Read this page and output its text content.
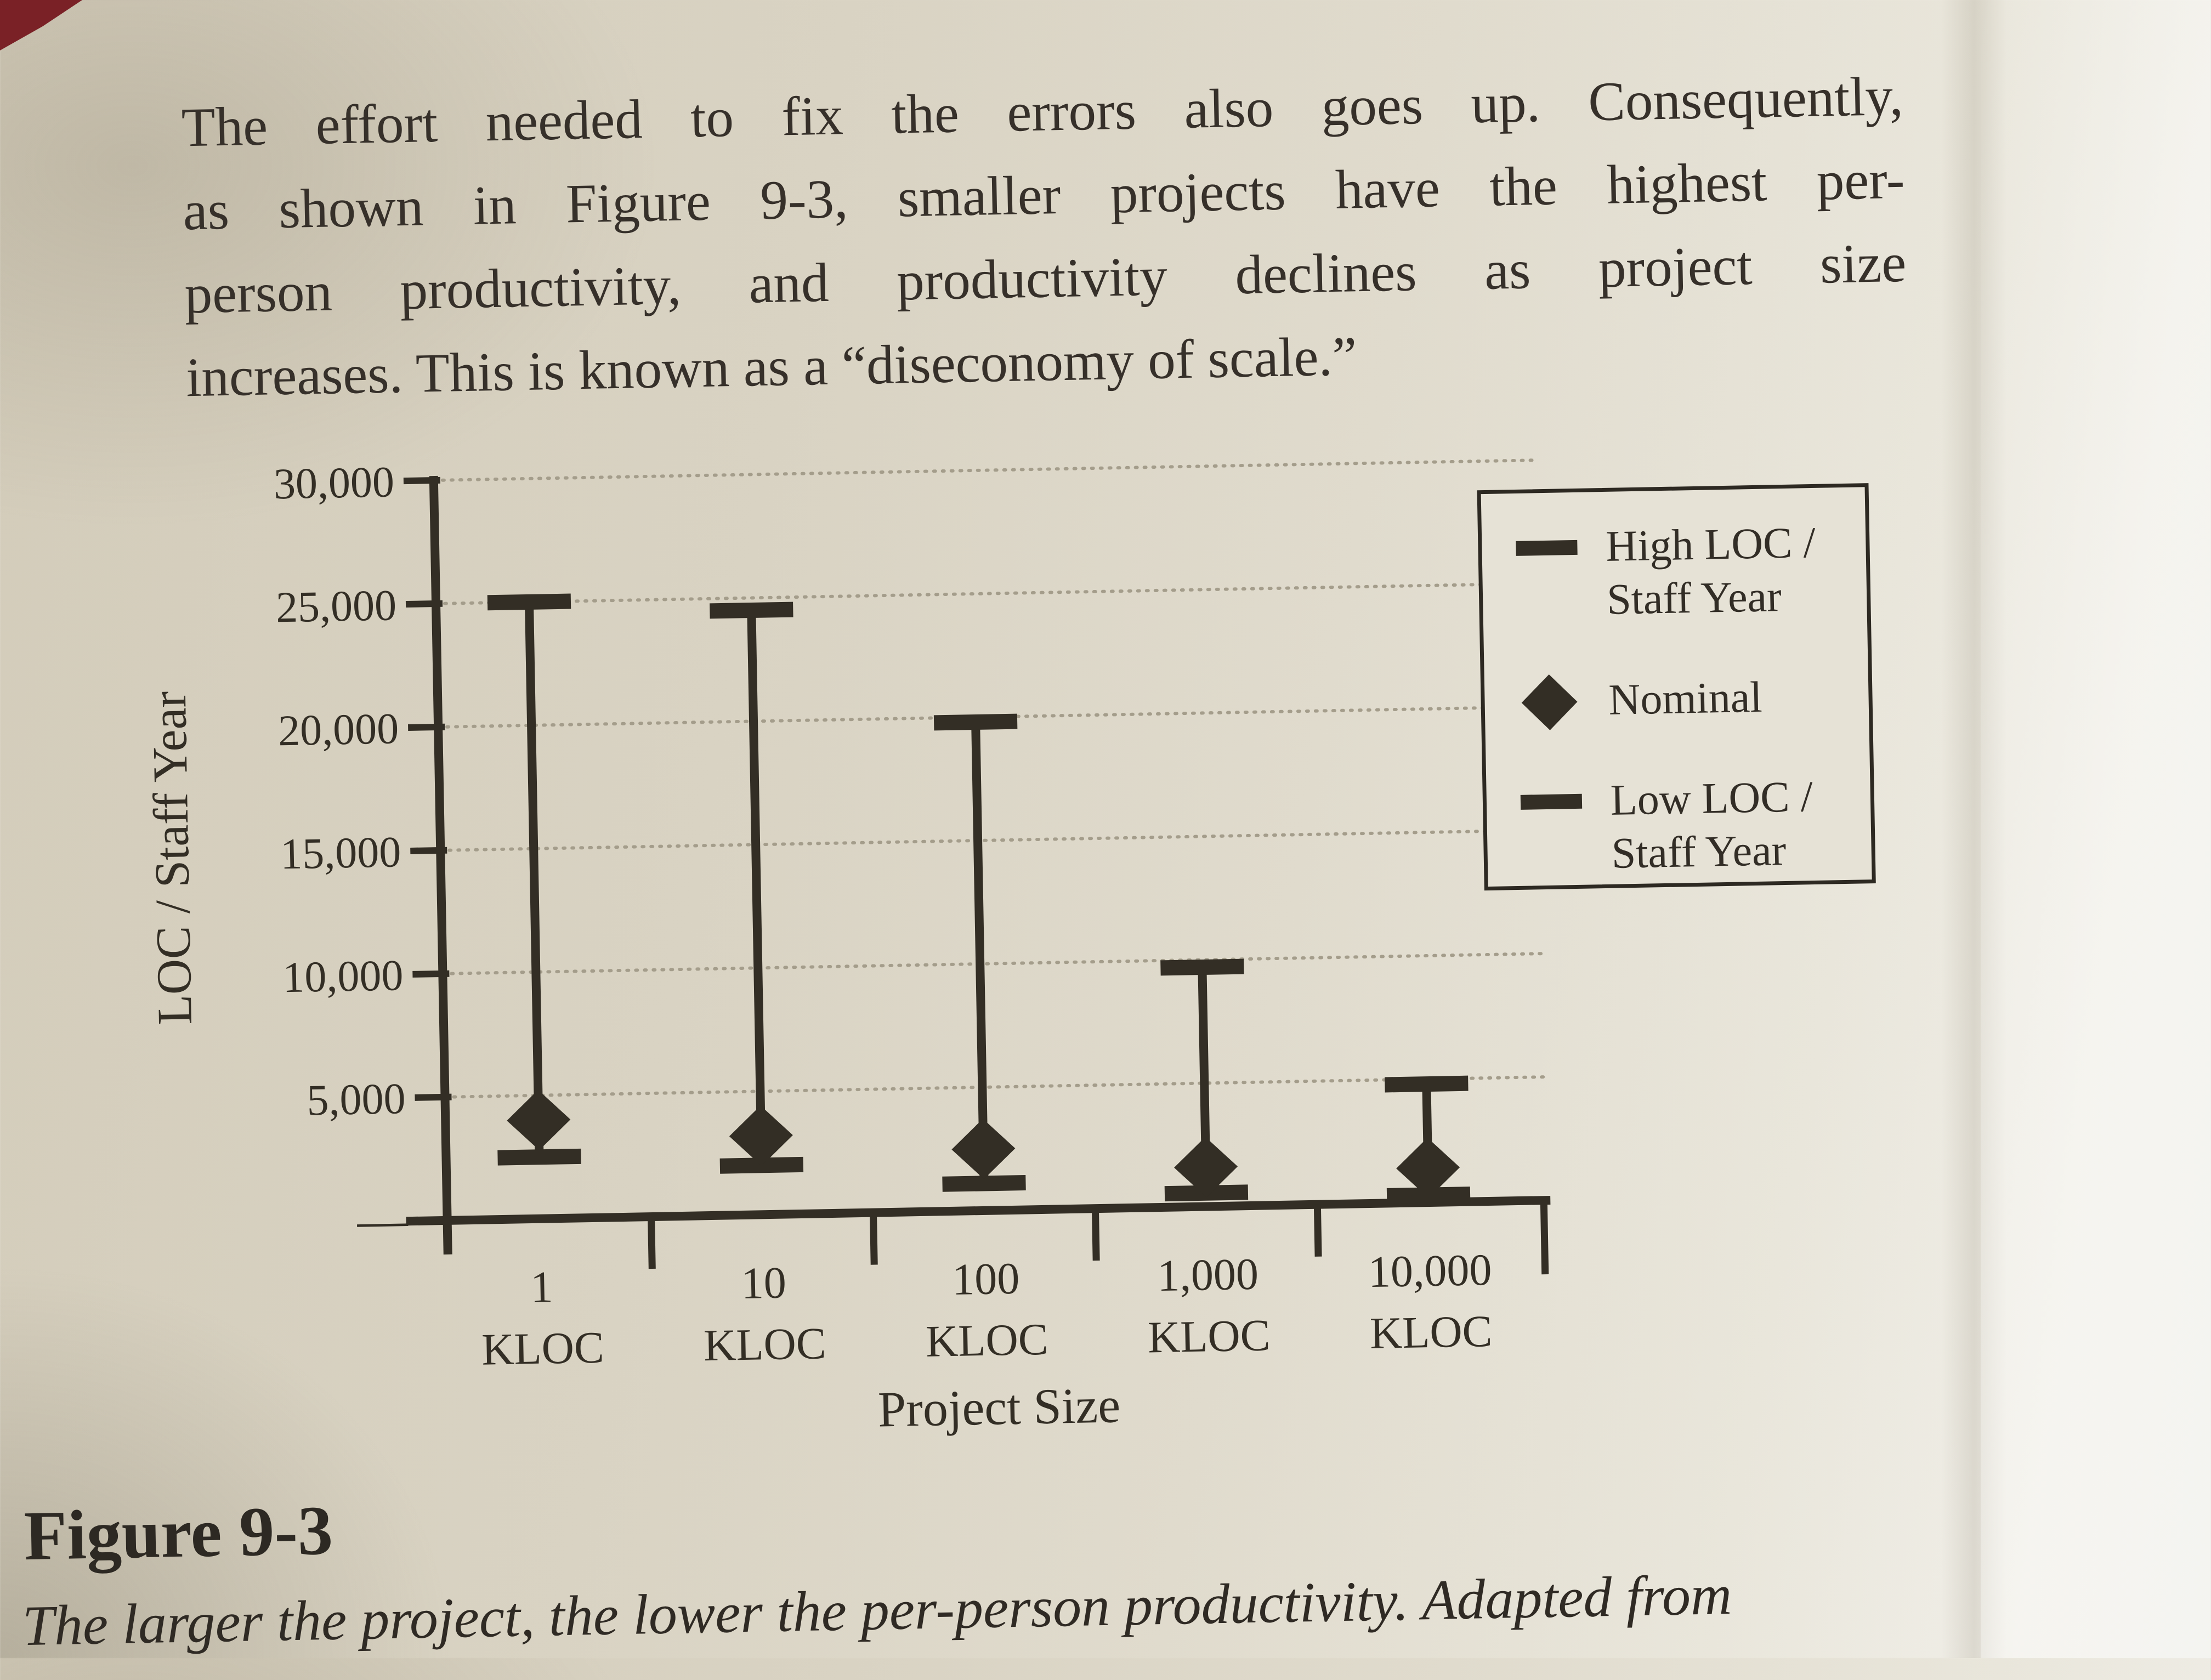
The effort needed to fix the errors also goes up. Consequently,
as shown in Figure 9-3, smaller projects have the highest per-
person productivity, and productivity declines as project size
increases. This is known as a “diseconomy of scale.”
—
5,000
10,000
15,000
20,000
25,000
30,000
1
KLOC
10
KLOC
100
KLOC
1,000
KLOC
10,000
KLOC
Project Size
LOC / Staff Year
High LOC /
Staff Year
Nominal
Low LOC /
Staff Year
Figure 9-3
The larger the project, the lower the per-person productivity. Adapted from
